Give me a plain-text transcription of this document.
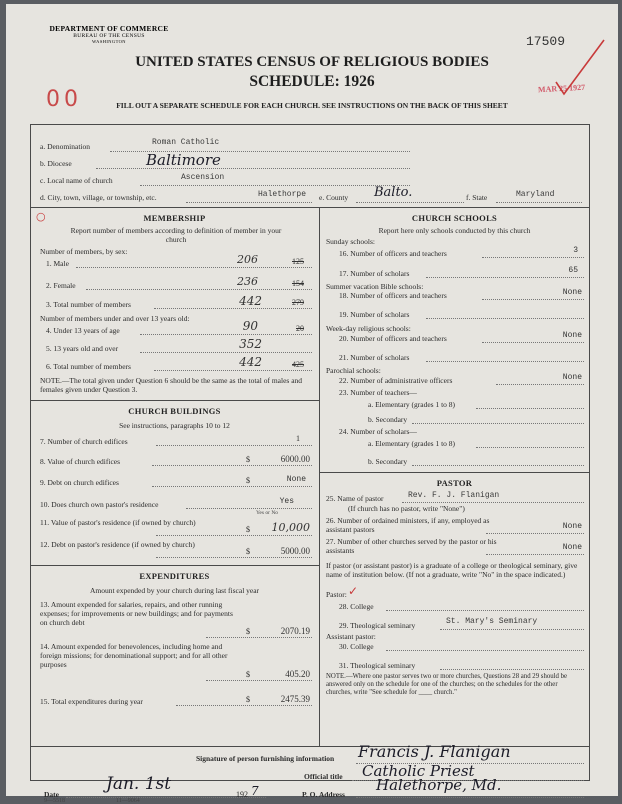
DEPARTMENT OF COMMERCE
BUREAU OF THE CENSUS
WASHINGTON	17509
UNITED STATES CENSUS OF RELIGIOUS BODIES
SCHEDULE: 1926
00	MAR 25 1927
FILL OUT A SEPARATE SCHEDULE FOR EACH CHURCH. SEE INSTRUCTIONS ON THE BACK OF THIS SHEET
a. Denomination	Roman Catholic
b. Diocese	Baltimore
c. Local name of church	Ascension
d. City, town, village, or township, etc.	Halethorpe e. County Balto.	f. State	Maryland
○	MEMBERSHIP
Report number of members according to definition of member in your church
Number of members, by sex:
1. Male	206	125
2. Female	236	154
3. Total number of members	442	279
Number of members under and over 13 years old:
4. Under 13 years of age	90	20
5. 13 years old and over	352
6. Total number of members	442	425
NOTE.—The total given under Question 6 should be the same as the total of males and females given under Question 3.
CHURCH BUILDINGS
See instructions, paragraphs 10 to 12
7. Number of church edifices	1
8. Value of church edifices	$	6000.00
9. Debt on church edifices	$	None
10. Does church own pastor's residence	Yes
Yes or No
11. Value of pastor's residence (if owned by church)
$	10,000
12. Debt on pastor's residence (if owned by church)
$	5000.00
EXPENDITURES
Amount expended by your church during last fiscal year
13. Amount expended for salaries, repairs, and other running expenses; for improvements or new buildings; and for payments on church debt
$	2070.19
14. Amount expended for benevolences, including home and foreign missions; for denominational support; and for all other purposes
$	405.20
15. Total expenditures during year	$	2475.39
CHURCH SCHOOLS
Report here only schools conducted by this church
Sunday schools:
16. Number of officers and teachers	3
17. Number of scholars	65
Summer vacation Bible schools:
18. Number of officers and teachers	None
19. Number of scholars
Week-day religious schools:
20. Number of officers and teachers	None
21. Number of scholars
Parochial schools:
22. Number of administrative officers	None
23. Number of teachers—
a. Elementary (grades 1 to 8)
b. Secondary
24. Number of scholars—
a. Elementary (grades 1 to 8)
b. Secondary
PASTOR
25. Name of pastor	Rev. F. J. Flanigan
(If church has no pastor, write "None")
26. Number of ordained ministers, if any, employed as assistant pastors	None
27. Number of other churches served by the pastor or his assistants	None
If pastor (or assistant pastor) is a graduate of a college or theological seminary, give name of institution below. (If not a graduate, write "No" in the space indicated.)
Pastor: ✓
28. College
29. Theological seminary	St. Mary's Seminary
Assistant pastor:
30. College
31. Theological seminary
NOTE.—Where one pastor serves two or more churches, Questions 28 and 29 should be answered only on the schedule for one of the churches; on the schedules for the other churches, write "See schedule for ____ church."
Signature of person furnishing information Francis J. Flanigan
Official title Catholic Priest
Date
Jan. 1st
192 7
9—5518	11—9064
P. O. Address
Halethorpe, Md.
